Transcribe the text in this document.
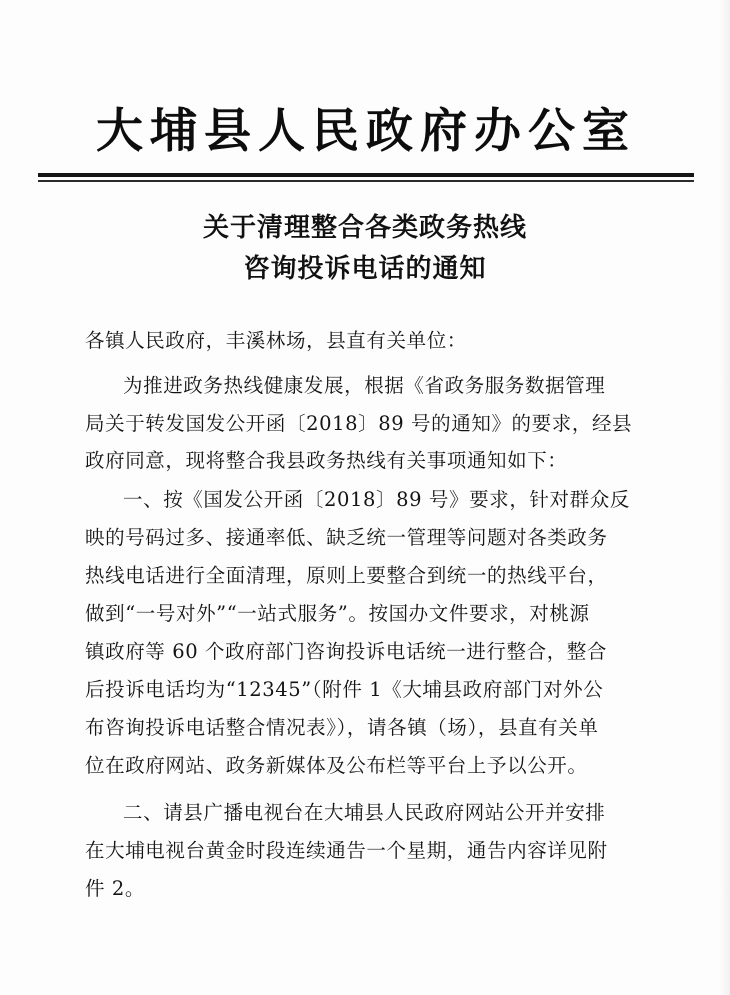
大埔县人民政府办公室
关于清理整合各类政务热线
咨询投诉电话的通知
各镇人民政府，丰溪林场，县直有关单位：
为推进政务热线健康发展，根据《省政务服务数据管理
局关于转发国发公开函〔2018〕89 号的通知》的要求，经县
政府同意，现将整合我县政务热线有关事项通知如下：
一、按《国发公开函〔2018〕89 号》要求，针对群众反
映的号码过多、接通率低、缺乏统一管理等问题对各类政务
热线电话进行全面清理，原则上要整合到统一的热线平台，
做到“一号对外”“一站式服务”。按国办文件要求，对桃源
镇政府等 60 个政府部门咨询投诉电话统一进行整合，整合
后投诉电话均为“12345”（附件 1《大埔县政府部门对外公
布咨询投诉电话整合情况表》），请各镇（场），县直有关单
位在政府网站、政务新媒体及公布栏等平台上予以公开。
二、请县广播电视台在大埔县人民政府网站公开并安排
在大埔电视台黄金时段连续通告一个星期，通告内容详见附
件 2。
